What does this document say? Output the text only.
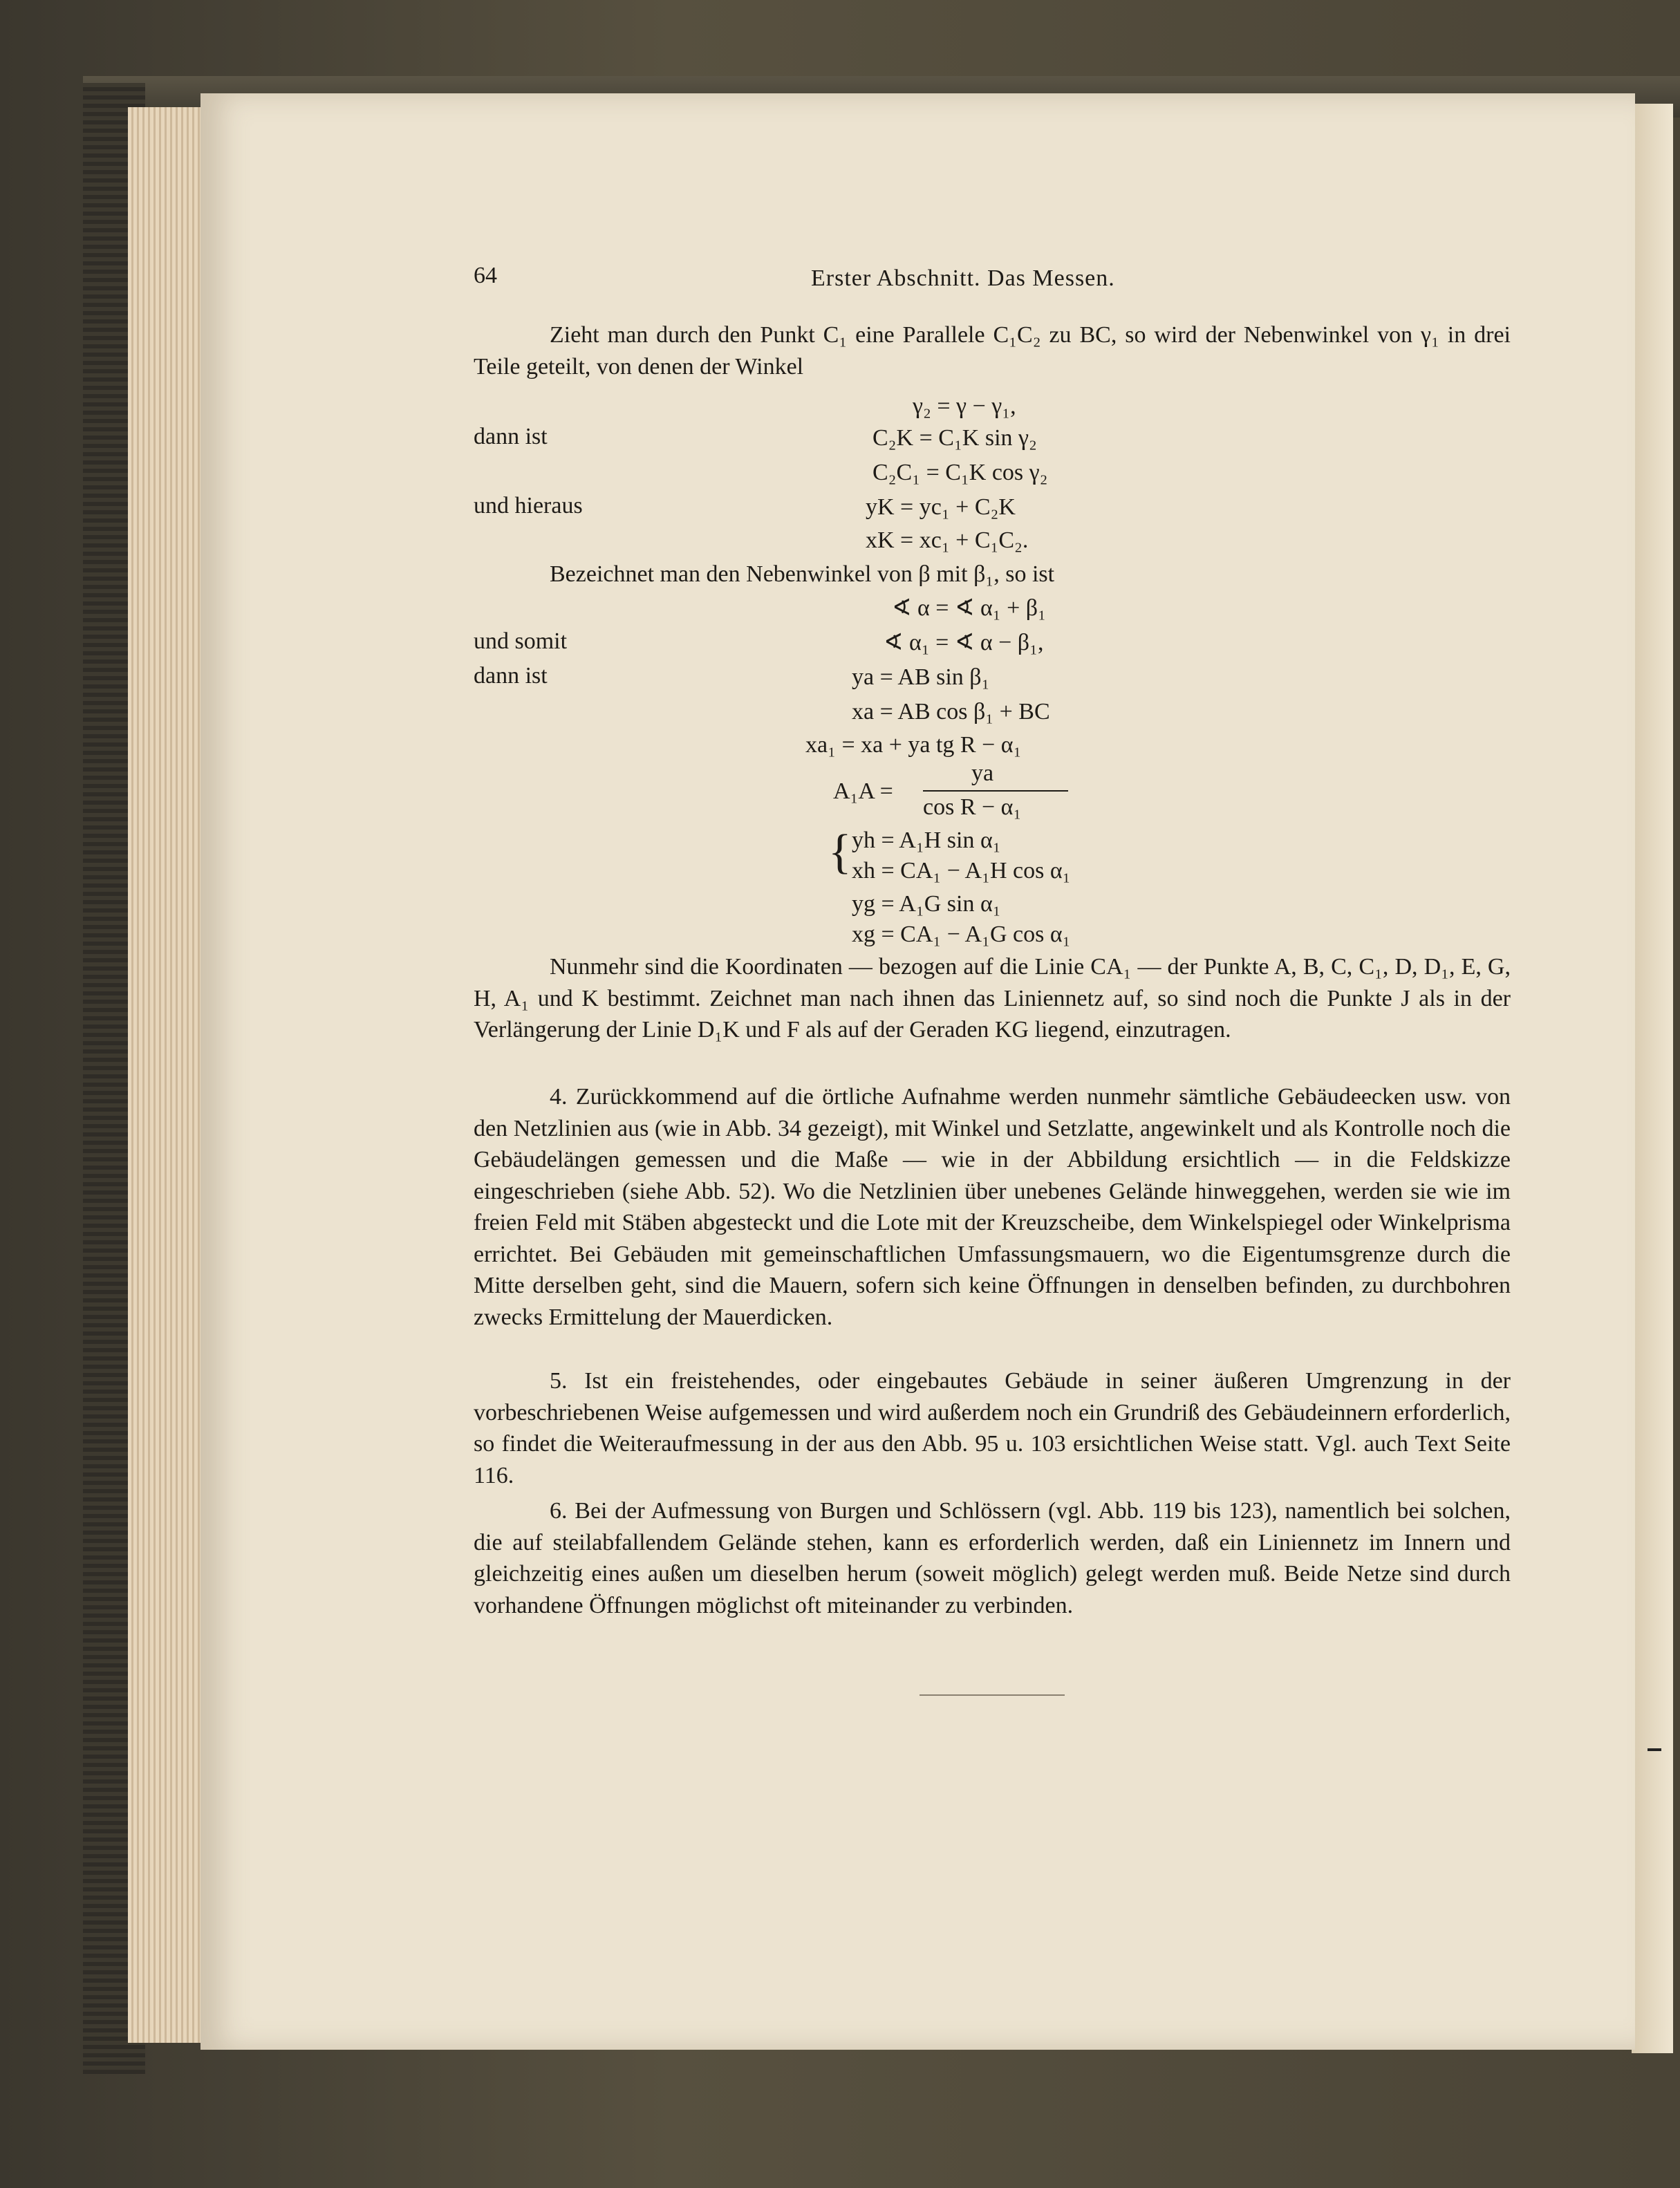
64	Erster Abschnitt. Das Messen.
Zieht man durch den Punkt C₁ eine Parallele C₁C₂ zu BC, so wird der Nebenwinkel von γ₁ in drei Teile geteilt, von denen der Winkel
γ₂ = γ − γ₁,
dann ist	C₂K = C₁K sin γ₂
C₂C₁ = C₁K cos γ₂
und hieraus	yK = yc₁ + C₂K
xK = xc₁ + C₁C₂.
Bezeichnet man den Nebenwinkel von β mit β₁, so ist
∢ α = ∢ α₁ + β₁
und somit	∢ α₁ = ∢ α − β₁,
dann ist	ya = AB sin β₁
xa = AB cos β₁ + BC
xa₁ = xa + ya tg R − α₁
A₁A =
ya
cos R − α₁
{ yh = A₁H sin α₁
xh = CA₁ − A₁H cos α₁
yg = A₁G sin α₁
xg = CA₁ − A₁G cos α₁
Nunmehr sind die Koordinaten — bezogen auf die Linie CA₁ — der Punkte A, B, C, C₁, D, D₁, E, G, H, A₁ und K bestimmt. Zeichnet man nach ihnen das Liniennetz auf, so sind noch die Punkte J als in der Verlängerung der Linie D₁K und F als auf der Geraden KG liegend, einzutragen.
4. Zurückkommend auf die örtliche Aufnahme werden nunmehr sämtliche Gebäudeecken usw. von den Netzlinien aus (wie in Abb. 34 gezeigt), mit Winkel und Setzlatte, angewinkelt und als Kontrolle noch die Gebäudelängen gemessen und die Maße — wie in der Abbildung ersichtlich — in die Feldskizze eingeschrieben (siehe Abb. 52). Wo die Netzlinien über unebenes Gelände hinweggehen, werden sie wie im freien Feld mit Stäben abgesteckt und die Lote mit der Kreuzscheibe, dem Winkelspiegel oder Winkelprisma errichtet. Bei Gebäuden mit gemeinschaftlichen Umfassungsmauern, wo die Eigentumsgrenze durch die Mitte derselben geht, sind die Mauern, sofern sich keine Öffnungen in denselben befinden, zu durchbohren zwecks Ermittelung der Mauerdicken.
5. Ist ein freistehendes, oder eingebautes Gebäude in seiner äußeren Umgrenzung in der vorbeschriebenen Weise aufgemessen und wird außerdem noch ein Grundriß des Gebäudeinnern erforderlich, so findet die Weiteraufmessung in der aus den Abb. 95 u. 103 ersichtlichen Weise statt. Vgl. auch Text Seite 116.
6. Bei der Aufmessung von Burgen und Schlössern (vgl. Abb. 119 bis 123), namentlich bei solchen, die auf steilabfallendem Gelände stehen, kann es erforderlich werden, daß ein Liniennetz im Innern und gleichzeitig eines außen um dieselben herum (soweit möglich) gelegt werden muß. Beide Netze sind durch vorhandene Öffnungen möglichst oft miteinander zu verbinden.
